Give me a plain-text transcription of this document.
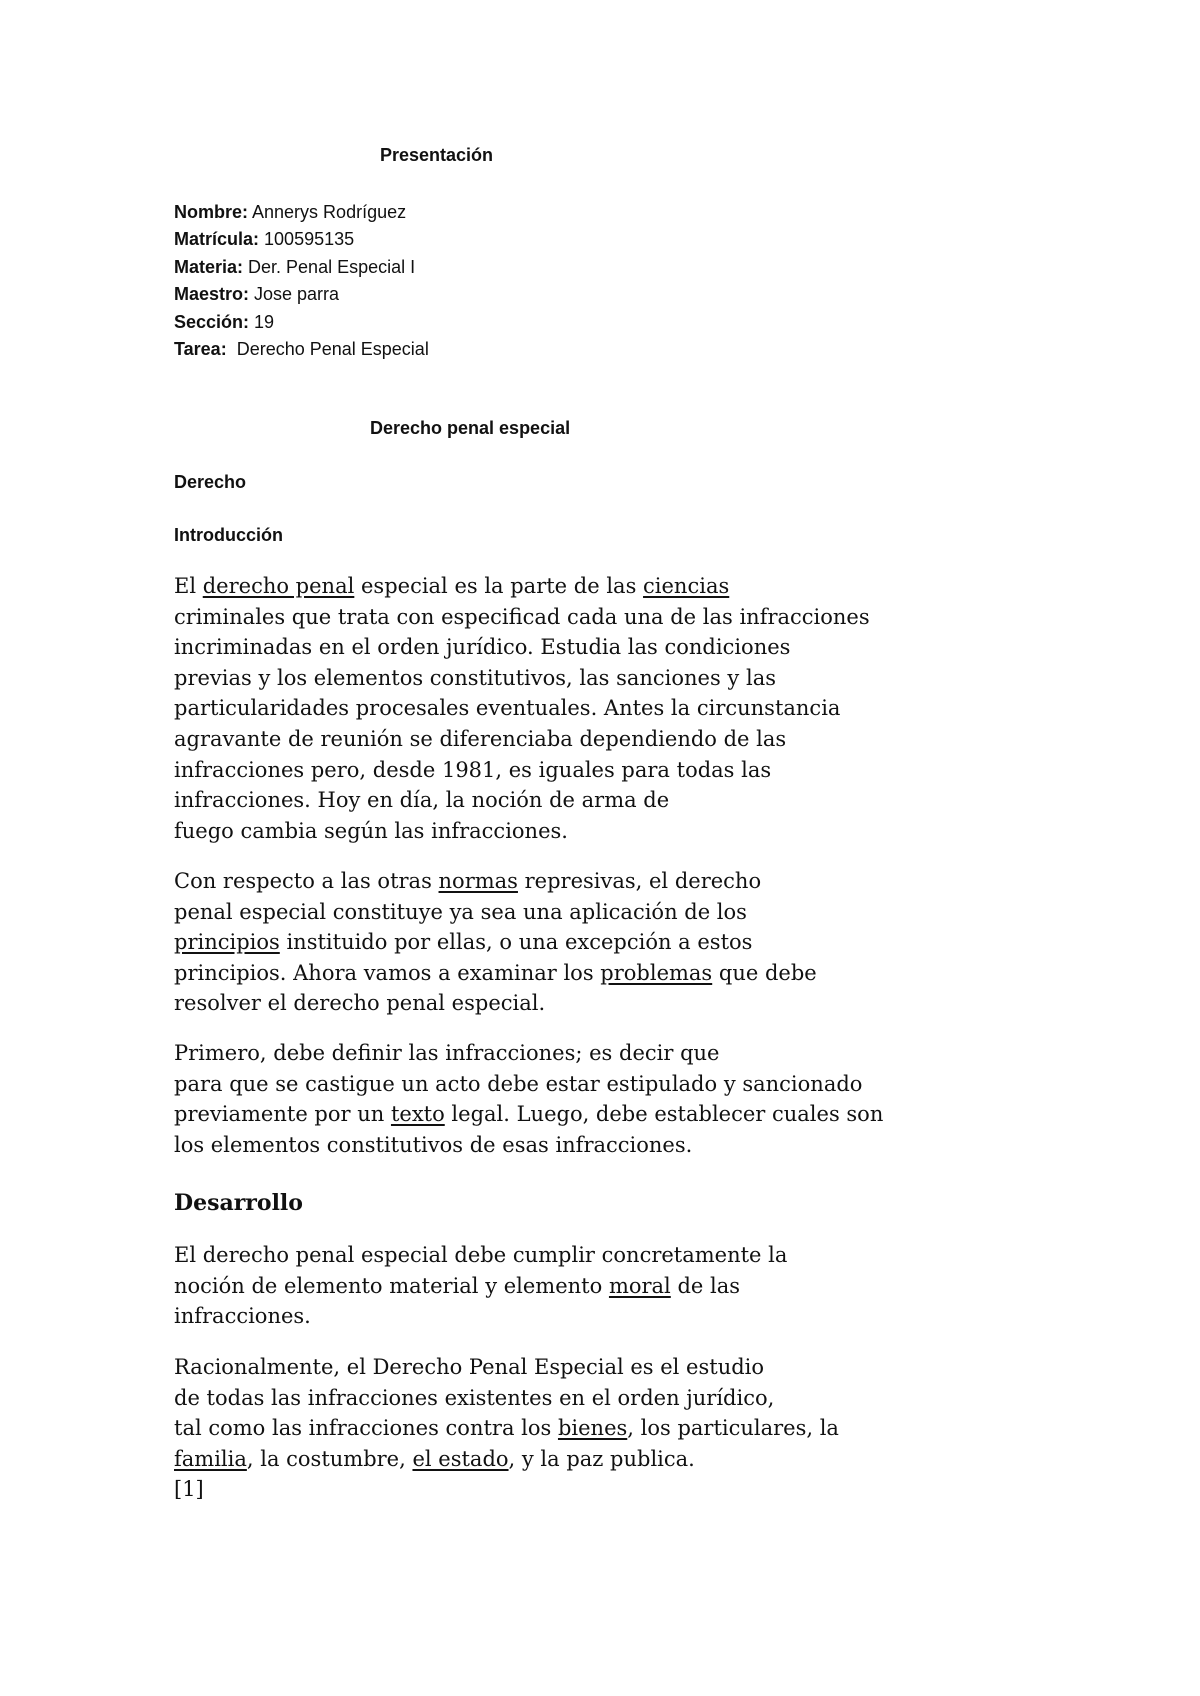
Presentación
Nombre: Annerys Rodríguez
Matrícula: 100595135
Materia: Der. Penal Especial I
Maestro: Jose parra
Sección: 19
Tarea:  Derecho Penal Especial
Derecho penal especial
Derecho
Introducción
El derecho penal especial es la parte de las ciencias
criminales que trata con especificad cada una de las infracciones
incriminadas en el orden jurídico. Estudia las condiciones
previas y los elementos constitutivos, las sanciones y las
particularidades procesales eventuales. Antes la circunstancia
agravante de reunión se diferenciaba dependiendo de las
infracciones pero, desde 1981, es iguales para todas las
infracciones. Hoy en día, la noción de arma de
fuego cambia según las infracciones.
Con respecto a las otras normas represivas, el derecho
penal especial constituye ya sea una aplicación de los
principios instituido por ellas, o una excepción a estos
principios. Ahora vamos a examinar los problemas que debe
resolver el derecho penal especial.
Primero, debe definir las infracciones; es decir que
para que se castigue un acto debe estar estipulado y sancionado
previamente por un texto legal. Luego, debe establecer cuales son
los elementos constitutivos de esas infracciones.
Desarrollo
El derecho penal especial debe cumplir concretamente la
noción de elemento material y elemento moral de las
infracciones.
Racionalmente, el Derecho Penal Especial es el estudio
de todas las infracciones existentes en el orden jurídico,
tal como las infracciones contra los bienes, los particulares, la
familia, la costumbre, el estado, y la paz publica.
[1]
